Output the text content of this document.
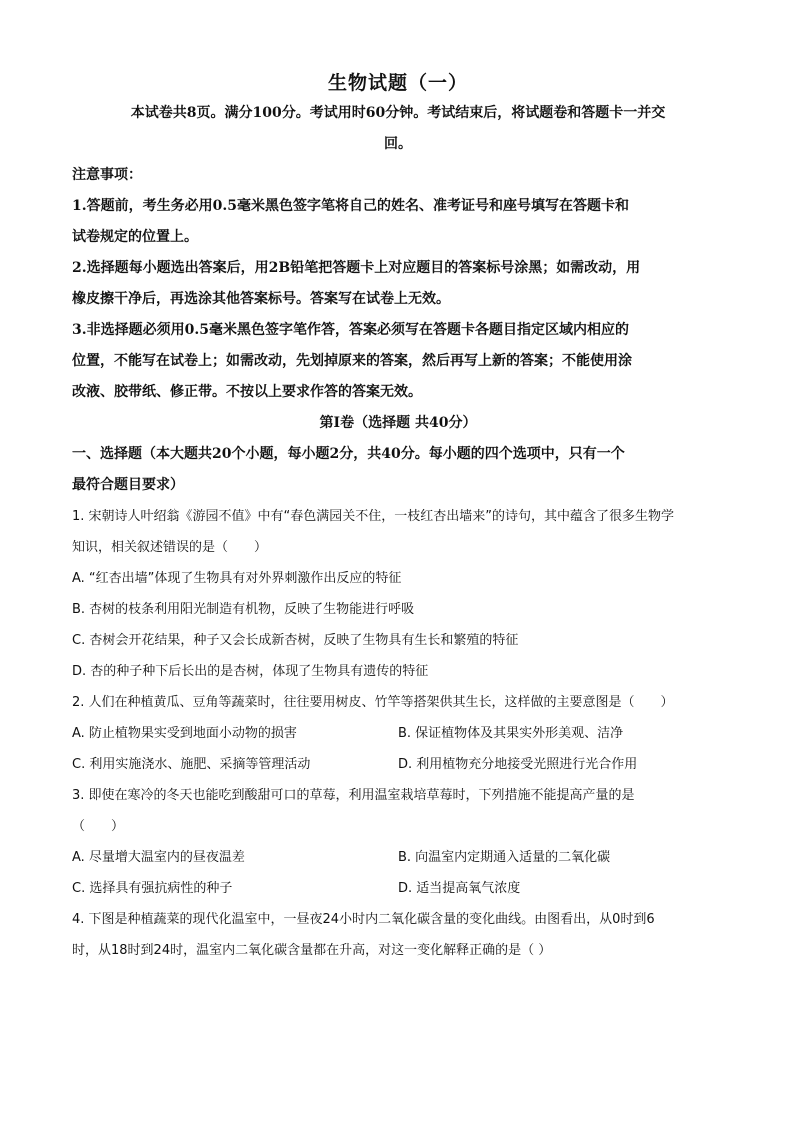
生物试题（一）
本试卷共8页。满分100分。考试用时60分钟。考试结束后，将试题卷和答题卡一并交
回。
注意事项：
1.答题前，考生务必用0.5毫米黑色签字笔将自己的姓名、准考证号和座号填写在答题卡和
试卷规定的位置上。
2.选择题每小题选出答案后，用2B铅笔把答题卡上对应题目的答案标号涂黑；如需改动，用
橡皮擦干净后，再选涂其他答案标号。答案写在试卷上无效。
3.非选择题必须用0.5毫米黑色签字笔作答，答案必须写在答题卡各题目指定区域内相应的
位置，不能写在试卷上；如需改动，先划掉原来的答案，然后再写上新的答案；不能使用涂
改液、胶带纸、修正带。不按以上要求作答的答案无效。
第Ⅰ卷（选择题 共40分）
一、选择题（本大题共20个小题，每小题2分，共40分。每小题的四个选项中，只有一个
最符合题目要求）
1. 宋朝诗人叶绍翁《游园不值》中有“春色满园关不住，一枝红杏出墙来”的诗句，其中蕴含了很多生物学
知识，相关叙述错误的是（　　）
A. “红杏出墙”体现了生物具有对外界刺激作出反应的特征
B. 杏树的枝条利用阳光制造有机物，反映了生物能进行呼吸
C. 杏树会开花结果，种子又会长成新杏树，反映了生物具有生长和繁殖的特征
D. 杏的种子种下后长出的是杏树，体现了生物具有遗传的特征
2. 人们在种植黄瓜、豆角等蔬菜时，往往要用树皮、竹竿等搭架供其生长，这样做的主要意图是（　　）
A. 防止植物果实受到地面小动物的损害	B. 保证植物体及其果实外形美观、洁净
C. 利用实施浇水、施肥、采摘等管理活动	D. 利用植物充分地接受光照进行光合作用
3. 即使在寒冷的冬天也能吃到酸甜可口的草莓，利用温室栽培草莓时，下列措施不能提高产量的是
（　　）
A. 尽量增大温室内的昼夜温差	B. 向温室内定期通入适量的二氧化碳
C. 选择具有强抗病性的种子	D. 适当提高氧气浓度
4. 下图是种植蔬菜的现代化温室中，一昼夜24小时内二氧化碳含量的变化曲线。由图看出，从0时到6
时，从18时到24时，温室内二氧化碳含量都在升高，对这一变化解释正确的是（ ）
